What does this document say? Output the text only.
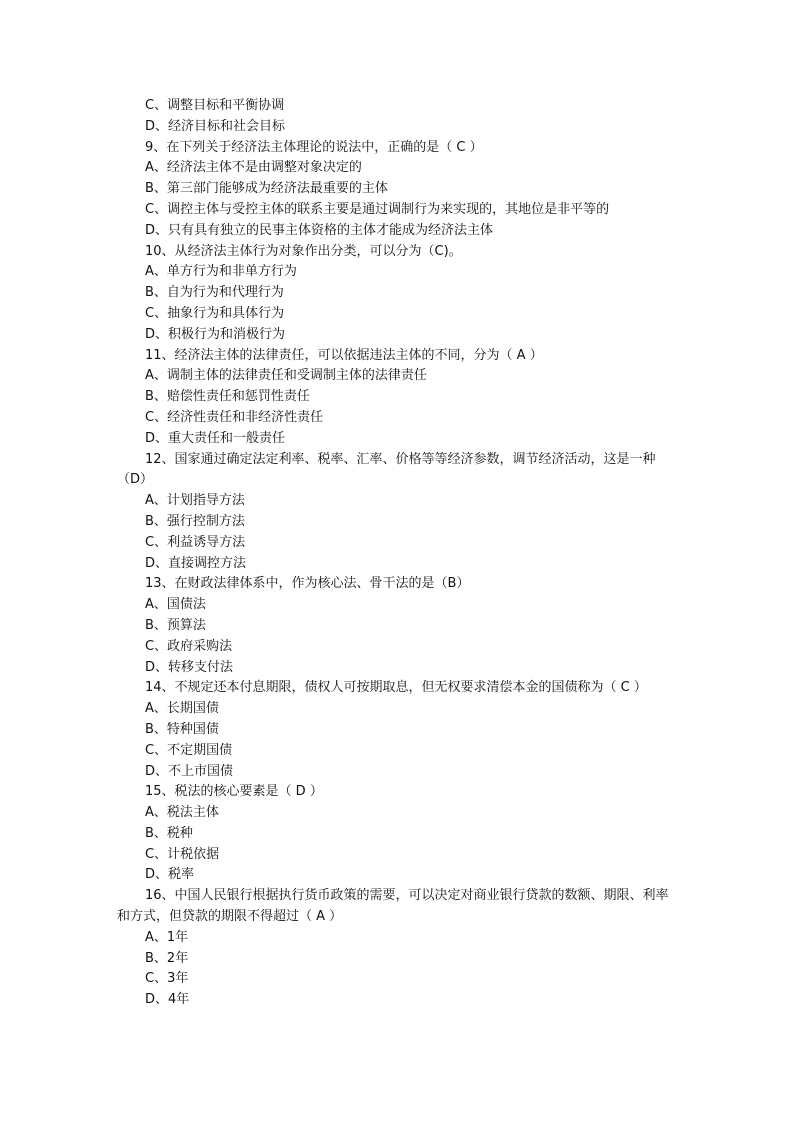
C、调整目标和平衡协调
D、经济目标和社会目标
9、在下列关于经济法主体理论的说法中，正确的是（ C ）
A、经济法主体不是由调整对象决定的
B、第三部门能够成为经济法最重要的主体
C、调控主体与受控主体的联系主要是通过调制行为来实现的，其地位是非平等的
D、只有具有独立的民事主体资格的主体才能成为经济法主体
10、从经济法主体行为对象作出分类，可以分为（C)。
A、单方行为和非单方行为
B、自为行为和代理行为
C、抽象行为和具体行为
D、积极行为和消极行为
11、经济法主体的法律责任，可以依据违法主体的不同，分为（ A ）
A、调制主体的法律责任和受调制主体的法律责任
B、赔偿性责任和惩罚性责任
C、经济性责任和非经济性责任
D、重大责任和一般责任
12、国家通过确定法定利率、税率、汇率、价格等等经济参数，调节经济活动，这是一种（D）
A、计划指导方法
B、强行控制方法
C、利益诱导方法
D、直接调控方法
13、在财政法律体系中，作为核心法、骨干法的是（B）
A、国债法
B、预算法
C、政府采购法
D、转移支付法
14、不规定还本付息期限，债权人可按期取息，但无权要求清偿本金的国债称为（ C ）
A、长期国债
B、特种国债
C、不定期国债
D、不上市国债
15、税法的核心要素是（ D ）
A、税法主体
B、税种
C、计税依据
D、税率
16、中国人民银行根据执行货币政策的需要，可以决定对商业银行贷款的数额、期限、利率和方式，但贷款的期限不得超过（ A ）
A、1年
B、2年
C、3年
D、4年
